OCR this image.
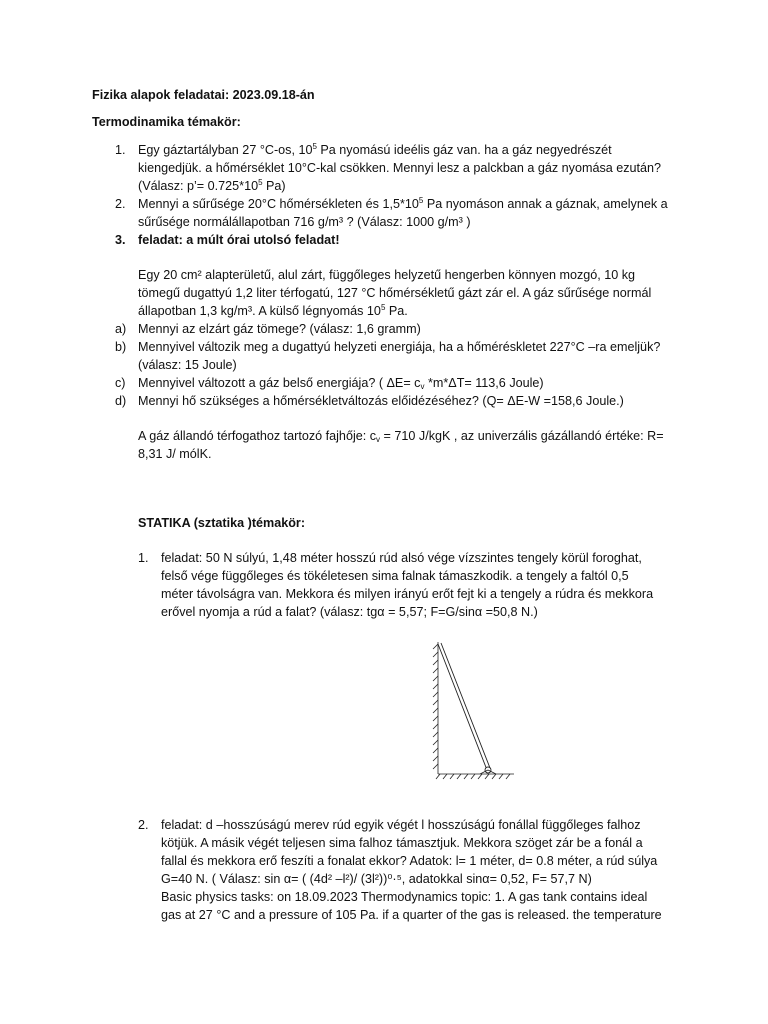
Fizika alapok feladatai: 2023.09.18-án
Termodinamika témakör:
1. Egy gáztartályban 27 °C-os, $10^5$ Pa nyomású ideélis gáz van. ha a gáz negyedrészét
kiengedjük. a hőmérséklet 10°C-kal csökken. Mennyi lesz a palckban a gáz nyomása ezután?
(Válasz: p’= $0.725*10^5$ Pa)
2. Mennyi a sűrűsége 20°C hőmérsékleten és $1,5*10^5$ Pa nyomáson annak a gáznak, amelynek a
sűrűsége normálállapotban 716 g/m³ ? (Válasz: 1000 g/m³ )
3. feladat: a múlt órai utolsó feladat!
Egy 20 cm² alapterületű, alul zárt, függőleges helyzetű hengerben könnyen mozgó, 10 kg
tömegű dugattyú 1,2 liter térfogatú, 127 °C hőmérsékletű gázt zár el. A gáz sűrűsége normál
állapotban 1,3 kg/m³. A külső légnyomás $10^5$ Pa.
a) Mennyi az elzárt gáz tömege? (válasz: 1,6 gramm)
b) Mennyivel változik meg a dugattyú helyzeti energiája, ha a hőméréskletet 227°C –ra emeljük?
(válasz: 15 Joule)
c) Mennyivel változott a gáz belső energiája? ( $\Delta E= c_v$ *m*ΔT= 113,6 Joule)
d) Mennyi hő szükséges a hőmérsékletváltozás előidézéséhez? (Q= ΔE-W =158,6 Joule.)
A gáz állandó térfogathoz tartozó fajhője: $c_v = 710$ J/kgK , az univerzális gázállandó értéke: R=
8,31 J/ mólK.
STATIKA (sztatika )témakör:
1. feladat: 50 N súlyú, 1,48 méter hosszú rúd alsó vége vízszintes tengely körül foroghat,
felső vége függőleges és tökéletesen sima falnak támaszkodik. a tengely a faltól 0,5
méter távolságra van. Mekkora és milyen irányú erőt fejt ki a tengely a rúdra és mekkora
erővel nyomja a rúd a falat? (válasz: tgα = 5,57; F=G/sinα =50,8 N.)
2. feladat: d –hosszúságú merev rúd egyik végét l hosszúságú fonállal függőleges falhoz
kötjük. A másik végét teljesen sima falhoz támasztjuk. Mekkora szöget zár be a fonál a
fallal és mekkora erő feszíti a fonalat ekkor? Adatok: l= 1 méter, d= 0.8 méter, a rúd súlya
G=40 N. ( Válasz: sin α= ( (4d² –l²)/ (3l²))⁰·⁵, adatokkal sinα= 0,52, F= 57,7 N)
Basic physics tasks: on 18.09.2023 Thermodynamics topic: 1. A gas tank contains ideal
gas at 27 °C and a pressure of 105 Pa. if a quarter of the gas is released. the temperature
